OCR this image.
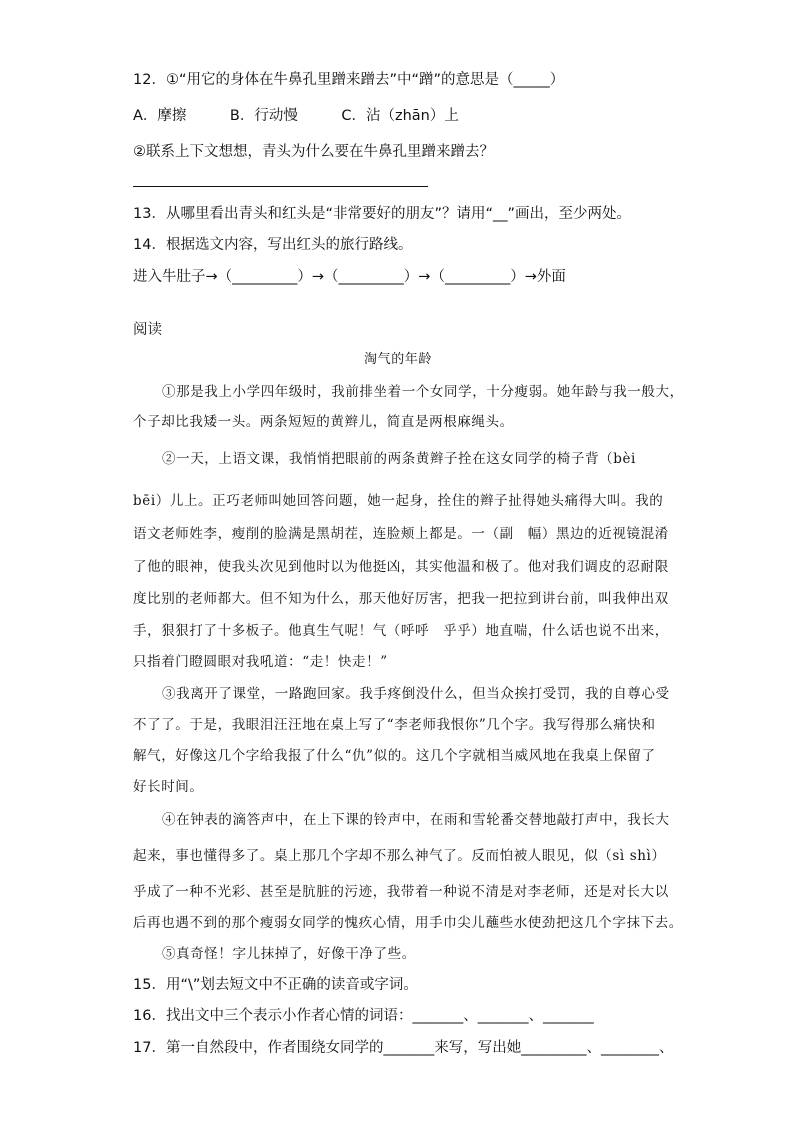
12．①“用它的身体在牛鼻孔里蹭来蹭去”中“蹭”的意思是（_____）
A．摩擦　　　B．行动慢　　　C．沾（zhān）上
②联系上下文想想，青头为什么要在牛鼻孔里蹭来蹭去？
13．从哪里看出青头和红头是“非常要好的朋友”？请用“__”画出，至少两处。
14．根据选文内容，写出红头的旅行路线。
进入牛肚子→（_________）→（_________）→（_________）→外面
阅读
淘气的年龄
①那是我上小学四年级时，我前排坐着一个女同学，十分瘦弱。她年龄与我一般大，
个子却比我矮一头。两条短短的黄辫儿，简直是两根麻绳头。
②一天，上语文课，我悄悄把眼前的两条黄辫子拴在这女同学的椅子背（bèi
bēi）儿上。正巧老师叫她回答问题，她一起身，拴住的辫子扯得她头痛得大叫。我的
语文老师姓李，瘦削的脸满是黑胡茬，连脸颊上都是。一（副　幅）黑边的近视镜混淆
了他的眼神，使我头次见到他时以为他挺凶，其实他温和极了。他对我们调皮的忍耐限
度比别的老师都大。但不知为什么，那天他好厉害，把我一把拉到讲台前，叫我伸出双
手，狠狠打了十多板子。他真生气呢！气（呼呼　乎乎）地直喘，什么话也说不出来，
只指着门瞪圆眼对我吼道：“走！快走！”
③我离开了课堂，一路跑回家。我手疼倒没什么，但当众挨打受罚，我的自尊心受
不了了。于是，我眼泪汪汪地在桌上写了“李老师我恨你”几个字。我写得那么痛快和
解气，好像这几个字给我报了什么“仇”似的。这几个字就相当威风地在我桌上保留了
好长时间。
④在钟表的滴答声中，在上下课的铃声中，在雨和雪轮番交替地敲打声中，我长大
起来，事也懂得多了。桌上那几个字却不那么神气了。反而怕被人眼见，似（sì shì）
乎成了一种不光彩、甚至是肮脏的污迹，我带着一种说不清是对李老师，还是对长大以
后再也遇不到的那个瘦弱女同学的愧疚心情，用手巾尖儿蘸些水使劲把这几个字抹下去。
⑤真奇怪！字儿抹掉了，好像干净了些。
15．用“\”划去短文中不正确的读音或字词。
16．找出文中三个表示小作者心情的词语：_______、_______、_______
17．第一自然段中，作者围绕女同学的_______来写，写出她_________、________、
